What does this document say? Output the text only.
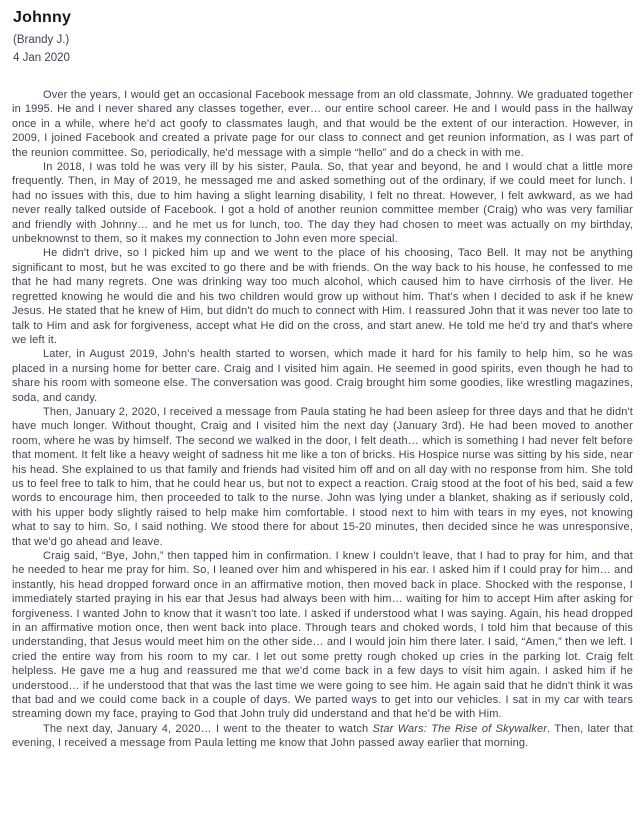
Johnny
(Brandy J.)
4 Jan 2020

Over the years, I would get an occasional Facebook message from an old classmate, Johnny. We graduated together in 1995. He and I never shared any classes together, ever… our entire school career. He and I would pass in the hallway once in a while, where he'd act goofy to classmates laugh, and that would be the extent of our interaction. However, in 2009, I joined Facebook and created a private page for our class to connect and get reunion information, as I was part of the reunion committee. So, periodically, he'd message with a simple “hello” and do a check in with me.

In 2018, I was told he was very ill by his sister, Paula. So, that year and beyond, he and I would chat a little more frequently. Then, in May of 2019, he messaged me and asked something out of the ordinary, if we could meet for lunch. I had no issues with this, due to him having a slight learning disability, I felt no threat. However, I felt awkward, as we had never really talked outside of Facebook. I got a hold of another reunion committee member (Craig) who was very familiar and friendly with Johnny… and he met us for lunch, too. The day they had chosen to meet was actually on my birthday, unbeknownst to them, so it makes my connection to John even more special.

He didn't drive, so I picked him up and we went to the place of his choosing, Taco Bell. It may not be anything significant to most, but he was excited to go there and be with friends. On the way back to his house, he confessed to me that he had many regrets. One was drinking way too much alcohol, which caused him to have cirrhosis of the liver. He regretted knowing he would die and his two children would grow up without him. That's when I decided to ask if he knew Jesus. He stated that he knew of Him, but didn't do much to connect with Him. I reassured John that it was never too late to talk to Him and ask for forgiveness, accept what He did on the cross, and start anew. He told me he'd try and that's where we left it.

Later, in August 2019, John's health started to worsen, which made it hard for his family to help him, so he was placed in a nursing home for better care. Craig and I visited him again. He seemed in good spirits, even though he had to share his room with someone else. The conversation was good. Craig brought him some goodies, like wrestling magazines, soda, and candy.

Then, January 2, 2020, I received a message from Paula stating he had been asleep for three days and that he didn't have much longer. Without thought, Craig and I visited him the next day (January 3rd). He had been moved to another room, where he was by himself. The second we walked in the door, I felt death… which is something I had never felt before that moment. It felt like a heavy weight of sadness hit me like a ton of bricks. His Hospice nurse was sitting by his side, near his head. She explained to us that family and friends had visited him off and on all day with no response from him. She told us to feel free to talk to him, that he could hear us, but not to expect a reaction. Craig stood at the foot of his bed, said a few words to encourage him, then proceeded to talk to the nurse. John was lying under a blanket, shaking as if seriously cold, with his upper body slightly raised to help make him comfortable. I stood next to him with tears in my eyes, not knowing what to say to him. So, I said nothing. We stood there for about 15-20 minutes, then decided since he was unresponsive, that we'd go ahead and leave.

Craig said, “Bye, John,” then tapped him in confirmation. I knew I couldn't leave, that I had to pray for him, and that he needed to hear me pray for him. So, I leaned over him and whispered in his ear. I asked him if I could pray for him… and instantly, his head dropped forward once in an affirmative motion, then moved back in place. Shocked with the response, I immediately started praying in his ear that Jesus had always been with him… waiting for him to accept Him after asking for forgiveness. I wanted John to know that it wasn't too late. I asked if understood what I was saying. Again, his head dropped in an affirmative motion once, then went back into place. Through tears and choked words, I told him that because of this understanding, that Jesus would meet him on the other side… and I would join him there later. I said, “Amen,” then we left. I cried the entire way from his room to my car. I let out some pretty rough choked up cries in the parking lot. Craig felt helpless. He gave me a hug and reassured me that we'd come back in a few days to visit him again. I asked him if he understood… if he understood that that was the last time we were going to see him. He again said that he didn't think it was that bad and we could come back in a couple of days. We parted ways to get into our vehicles. I sat in my car with tears streaming down my face, praying to God that John truly did understand and that he'd be with Him.

The next day, January 4, 2020… I went to the theater to watch Star Wars: The Rise of Skywalker. Then, later that evening, I received a message from Paula letting me know that John passed away earlier that morning.
